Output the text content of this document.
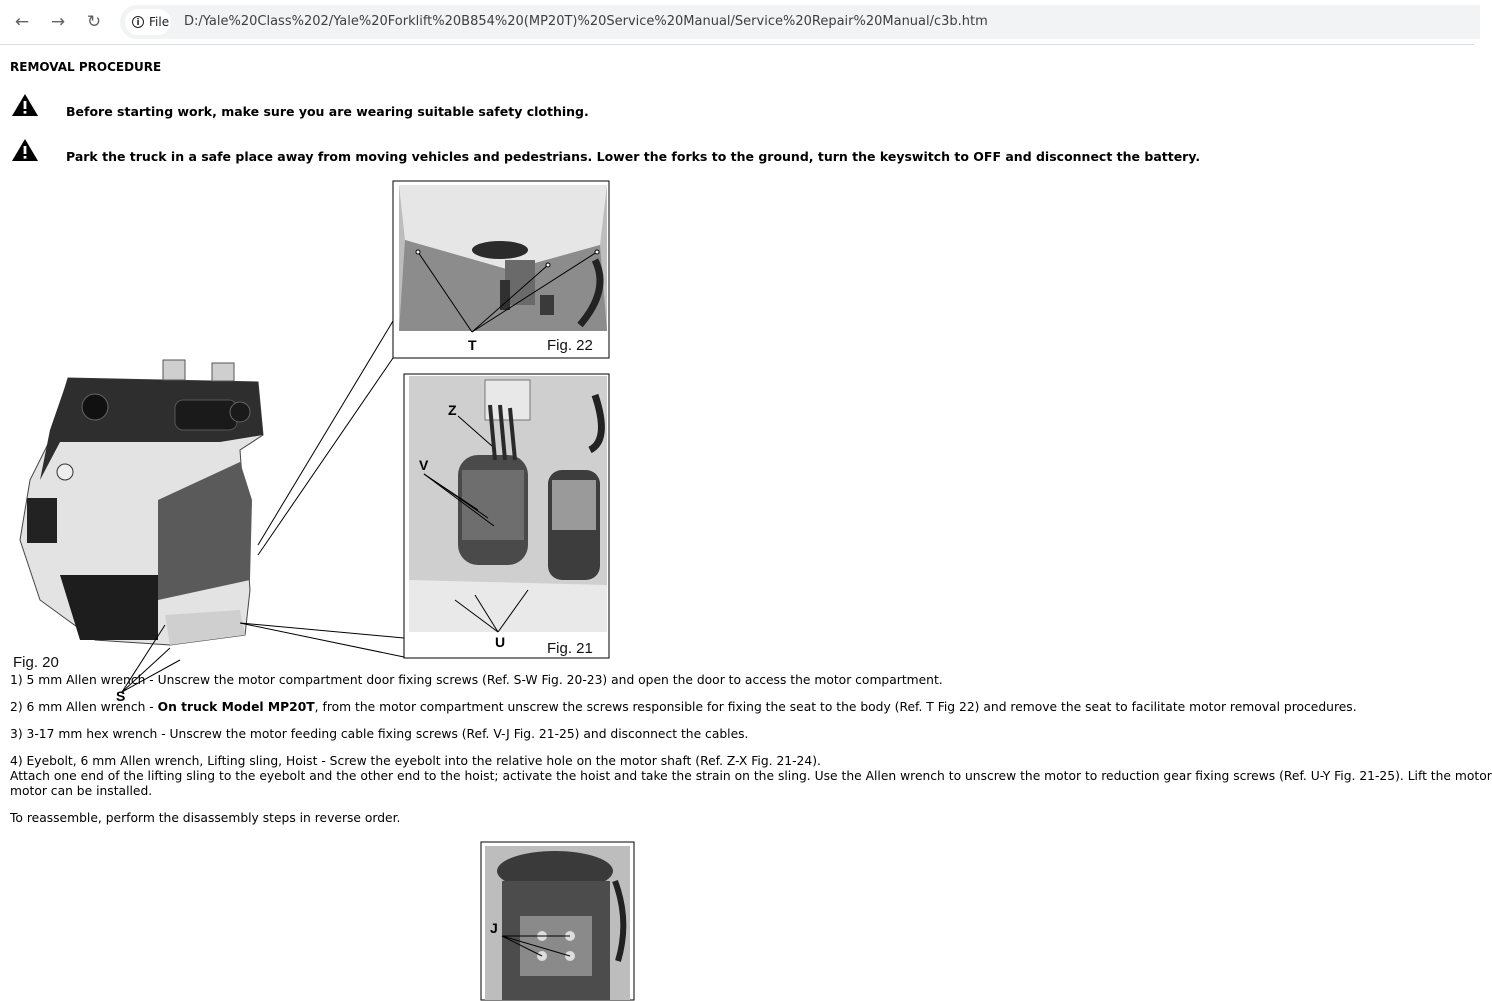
←	→	↻	i File D:/Yale%20Class%202/Yale%20Forklift%20B854%20(MP20T)%20Service%20Manual/Service%20Repair%20Manual/c3b.htm
REMOVAL PROCEDURE
Before starting work, make sure you are wearing suitable safety clothing.
Park the truck in a safe place away from moving vehicles and pedestrians. Lower the forks to the ground, turn the keyswitch to OFF and disconnect the battery.
T	Fig. 22
Z
V
U	Fig. 21
S
Fig. 20
1) 5 mm Allen wrench - Unscrew the motor compartment door fixing screws (Ref. S-W Fig. 20-23) and open the door to access the motor compartment.
2) 6 mm Allen wrench - On truck Model MP20T, from the motor compartment unscrew the screws responsible for fixing the seat to the body (Ref. T Fig 22) and remove the seat to facilitate motor removal procedures.
3) 3-17 mm hex wrench - Unscrew the motor feeding cable fixing screws (Ref. V-J Fig. 21-25) and disconnect the cables.
4) Eyebolt, 6 mm Allen wrench, Lifting sling, Hoist - Screw the eyebolt into the relative hole on the motor shaft (Ref. Z-X Fig. 21-24).
Attach one end of the lifting sling to the eyebolt and the other end to the hoist; activate the hoist and take the strain on the sling. Use the Allen wrench to unscrew the motor to reduction gear fixing screws (Ref. U-Y Fig. 21-25). Lift the motor
motor can be installed.
To reassemble, perform the disassembly steps in reverse order.
J
